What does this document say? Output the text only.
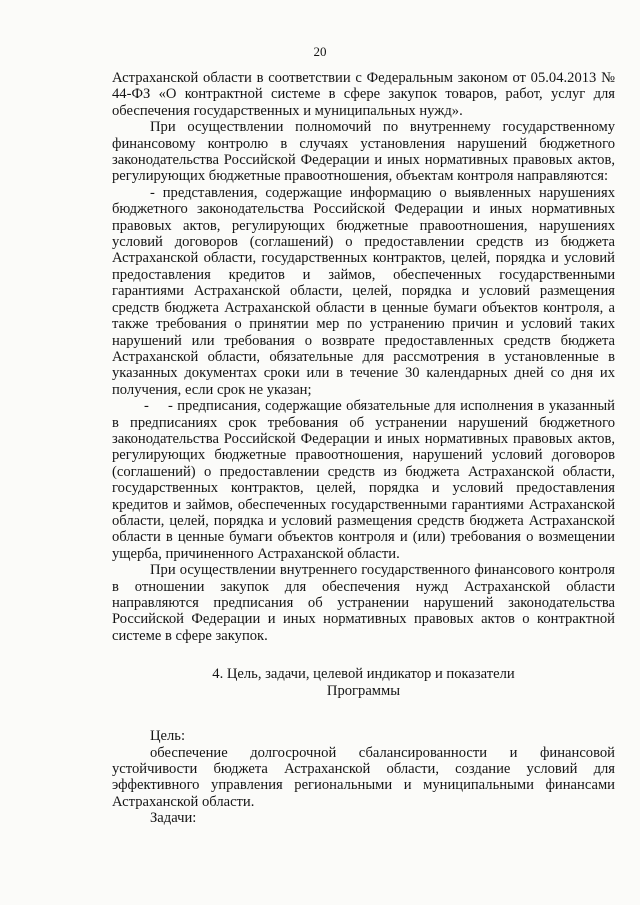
20

Астраханской области в соответствии с Федеральным законом от 05.04.2013 № 44-ФЗ «О контрактной системе в сфере закупок товаров, работ, услуг для обеспечения государственных и муниципальных нужд».

При осуществлении полномочий по внутреннему государственному финансовому контролю в случаях установления нарушений бюджетного законодательства Российской Федерации и иных нормативных правовых актов, регулирующих бюджетные правоотношения, объектам контроля направляются:

- представления, содержащие информацию о выявленных нарушениях бюджетного законодательства Российской Федерации и иных нормативных правовых актов, регулирующих бюджетные правоотношения, нарушениях условий договоров (соглашений) о предоставлении средств из бюджета Астраханской области, государственных контрактов, целей, порядка и условий предоставления кредитов и займов, обеспеченных государственными гарантиями Астраханской области, целей, порядка и условий размещения средств бюджета Астраханской области в ценные бумаги объектов контроля, а также требования о принятии мер по устранению причин и условий таких нарушений или требования о возврате предоставленных средств бюджета Астраханской области, обязательные для рассмотрения в установленные в указанных документах сроки или в течение 30 календарных дней со дня их получения, если срок не указан;

- - предписания, содержащие обязательные для исполнения в указанный в предписаниях срок требования об устранении нарушений бюджетного законодательства Российской Федерации и иных нормативных правовых актов, регулирующих бюджетные правоотношения, нарушений условий договоров (соглашений) о предоставлении средств из бюджета Астраханской области, государственных контрактов, целей, порядка и условий предоставления кредитов и займов, обеспеченных государственными гарантиями Астраханской области, целей, порядка и условий размещения средств бюджета Астраханской области в ценные бумаги объектов контроля и (или) требования о возмещении ущерба, причиненного Астраханской области.

При осуществлении внутреннего государственного финансового контроля в отношении закупок для обеспечения нужд Астраханской области направляются предписания об устранении нарушений законодательства Российской Федерации и иных нормативных правовых актов о контрактной системе в сфере закупок.

4. Цель, задачи, целевой индикатор и показатели
Программы

Цель:

обеспечение долгосрочной сбалансированности и финансовой устойчивости бюджета Астраханской области, создание условий для эффективного управления региональными и муниципальными финансами Астраханской области.

Задачи:
